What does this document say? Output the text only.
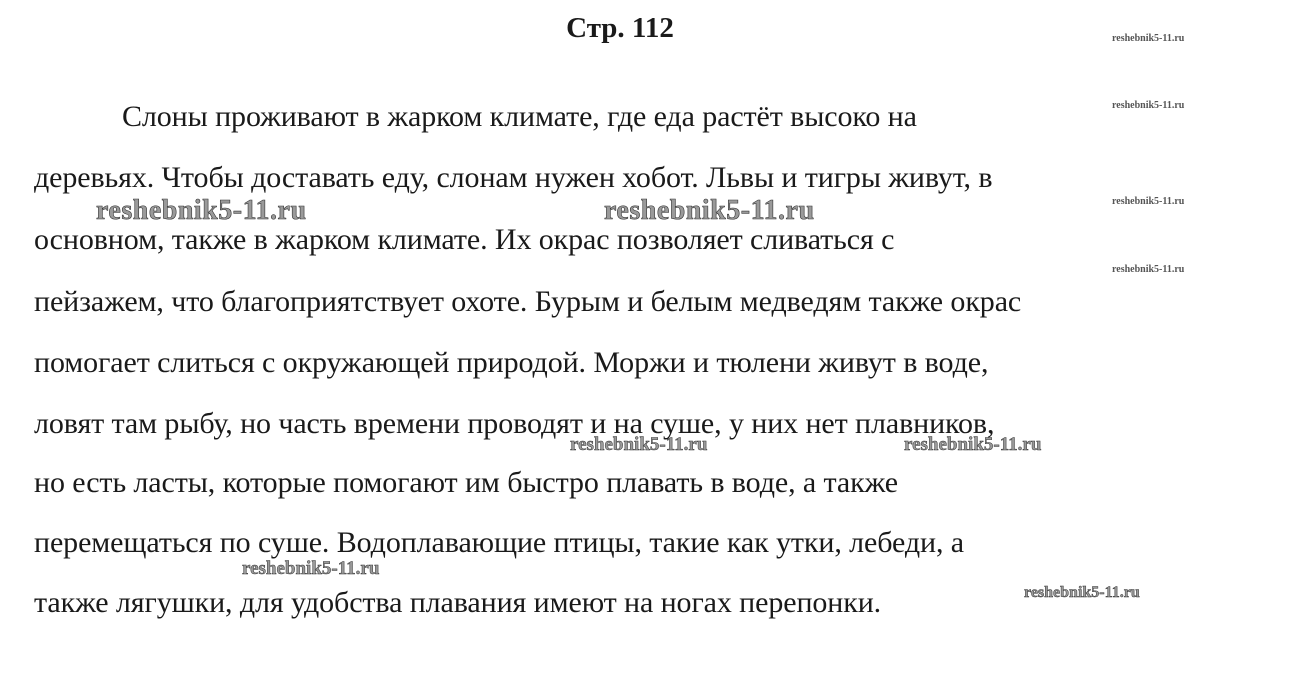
Стр. 112	reshebnik5-11.ru
reshebnik5-11.ru
reshebnik5-11.ru
reshebnik5-11.ru
Слоны проживают в жарком климате, где еда растёт высоко на
деревьях. Чтобы доставать еду, слонам нужен хобот. Львы и тигры живут, в
основном, также в жарком климате. Их окрас позволяет сливаться с
пейзажем, что благоприятствует охоте. Бурым и белым медведям также окрас
помогает слиться с окружающей природой. Моржи и тюлени живут в воде,
ловят там рыбу, но часть времени проводят и на суше, у них нет плавников,
но есть ласты, которые помогают им быстро плавать в воде, а также
перемещаться по суше. Водоплавающие птицы, такие как утки, лебеди, а
также лягушки, для удобства плавания имеют на ногах перепонки.
reshebnik5-11.ru	reshebnik5-11.ru
reshebnik5-11.ru	reshebnik5-11.ru
reshebnik5-11.ru
reshebnik5-11.ru
